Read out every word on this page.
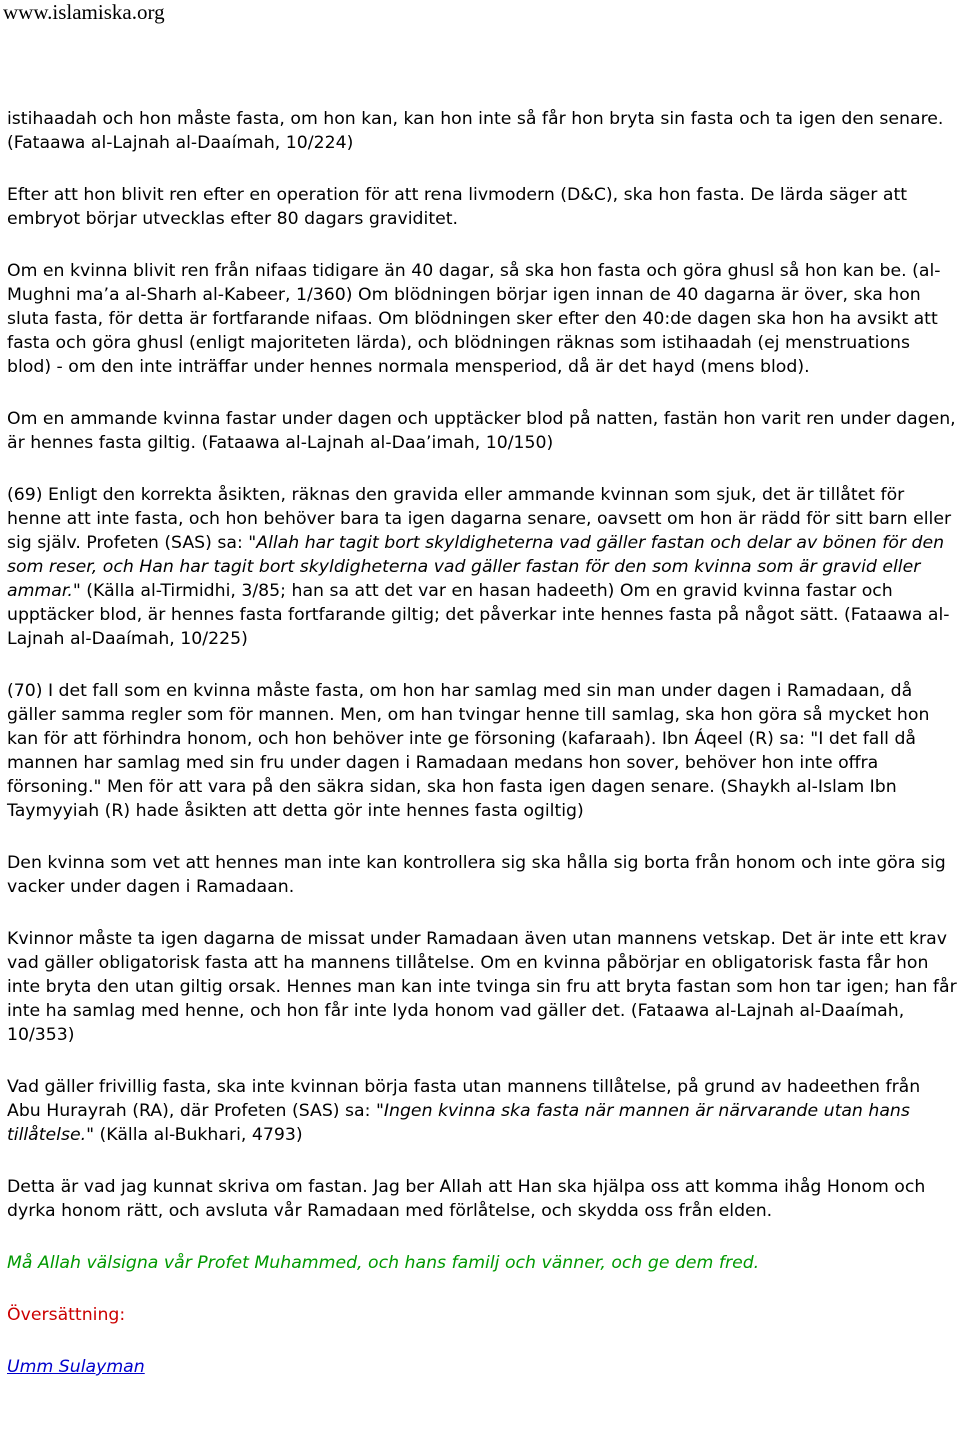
www.islamiska.org

istihaadah och hon måste fasta, om hon kan, kan hon inte så får hon bryta sin fasta och ta igen den senare. (Fataawa al-Lajnah al-Daaímah, 10/224)

Efter att hon blivit ren efter en operation för att rena livmodern (D&C), ska hon fasta. De lärda säger att embryot börjar utvecklas efter 80 dagars graviditet.

Om en kvinna blivit ren från nifaas tidigare än 40 dagar, så ska hon fasta och göra ghusl så hon kan be. (al-Mughni ma’a al-Sharh al-Kabeer, 1/360) Om blödningen börjar igen innan de 40 dagarna är över, ska hon sluta fasta, för detta är fortfarande nifaas. Om blödningen sker efter den 40:de dagen ska hon ha avsikt att fasta och göra ghusl (enligt majoriteten lärda), och blödningen räknas som istihaadah (ej menstruations blod) - om den inte inträffar under hennes normala mensperiod, då är det hayd (mens blod).

Om en ammande kvinna fastar under dagen och upptäcker blod på natten, fastän hon varit ren under dagen, är hennes fasta giltig. (Fataawa al-Lajnah al-Daa’imah, 10/150)

(69) Enligt den korrekta åsikten, räknas den gravida eller ammande kvinnan som sjuk, det är tillåtet för henne att inte fasta, och hon behöver bara ta igen dagarna senare, oavsett om hon är rädd för sitt barn eller sig själv. Profeten (SAS) sa: "Allah har tagit bort skyldigheterna vad gäller fastan och delar av bönen för den som reser, och Han har tagit bort skyldigheterna vad gäller fastan för den som kvinna som är gravid eller ammar." (Källa al-Tirmidhi, 3/85; han sa att det var en hasan hadeeth) Om en gravid kvinna fastar och upptäcker blod, är hennes fasta fortfarande giltig; det påverkar inte hennes fasta på något sätt. (Fataawa al-Lajnah al-Daaímah, 10/225)

(70) I det fall som en kvinna måste fasta, om hon har samlag med sin man under dagen i Ramadaan, då gäller samma regler som för mannen. Men, om han tvingar henne till samlag, ska hon göra så mycket hon kan för att förhindra honom, och hon behöver inte ge försoning (kafaraah). Ibn Áqeel (R) sa: "I det fall då mannen har samlag med sin fru under dagen i Ramadaan medans hon sover, behöver hon inte offra försoning." Men för att vara på den säkra sidan, ska hon fasta igen dagen senare. (Shaykh al-Islam Ibn Taymyyiah (R) hade åsikten att detta gör inte hennes fasta ogiltig)

Den kvinna som vet att hennes man inte kan kontrollera sig ska hålla sig borta från honom och inte göra sig vacker under dagen i Ramadaan.

Kvinnor måste ta igen dagarna de missat under Ramadaan även utan mannens vetskap. Det är inte ett krav vad gäller obligatorisk fasta att ha mannens tillåtelse. Om en kvinna påbörjar en obligatorisk fasta får hon inte bryta den utan giltig orsak. Hennes man kan inte tvinga sin fru att bryta fastan som hon tar igen; han får inte ha samlag med henne, och hon får inte lyda honom vad gäller det. (Fataawa al-Lajnah al-Daaímah, 10/353)

Vad gäller frivillig fasta, ska inte kvinnan börja fasta utan mannens tillåtelse, på grund av hadeethen från Abu Hurayrah (RA), där Profeten (SAS) sa: "Ingen kvinna ska fasta när mannen är närvarande utan hans tillåtelse." (Källa al-Bukhari, 4793)

Detta är vad jag kunnat skriva om fastan. Jag ber Allah att Han ska hjälpa oss att komma ihåg Honom och dyrka honom rätt, och avsluta vår Ramadaan med förlåtelse, och skydda oss från elden.

Må Allah välsigna vår Profet Muhammed, och hans familj och vänner, och ge dem fred.

Översättning:

Umm Sulayman
